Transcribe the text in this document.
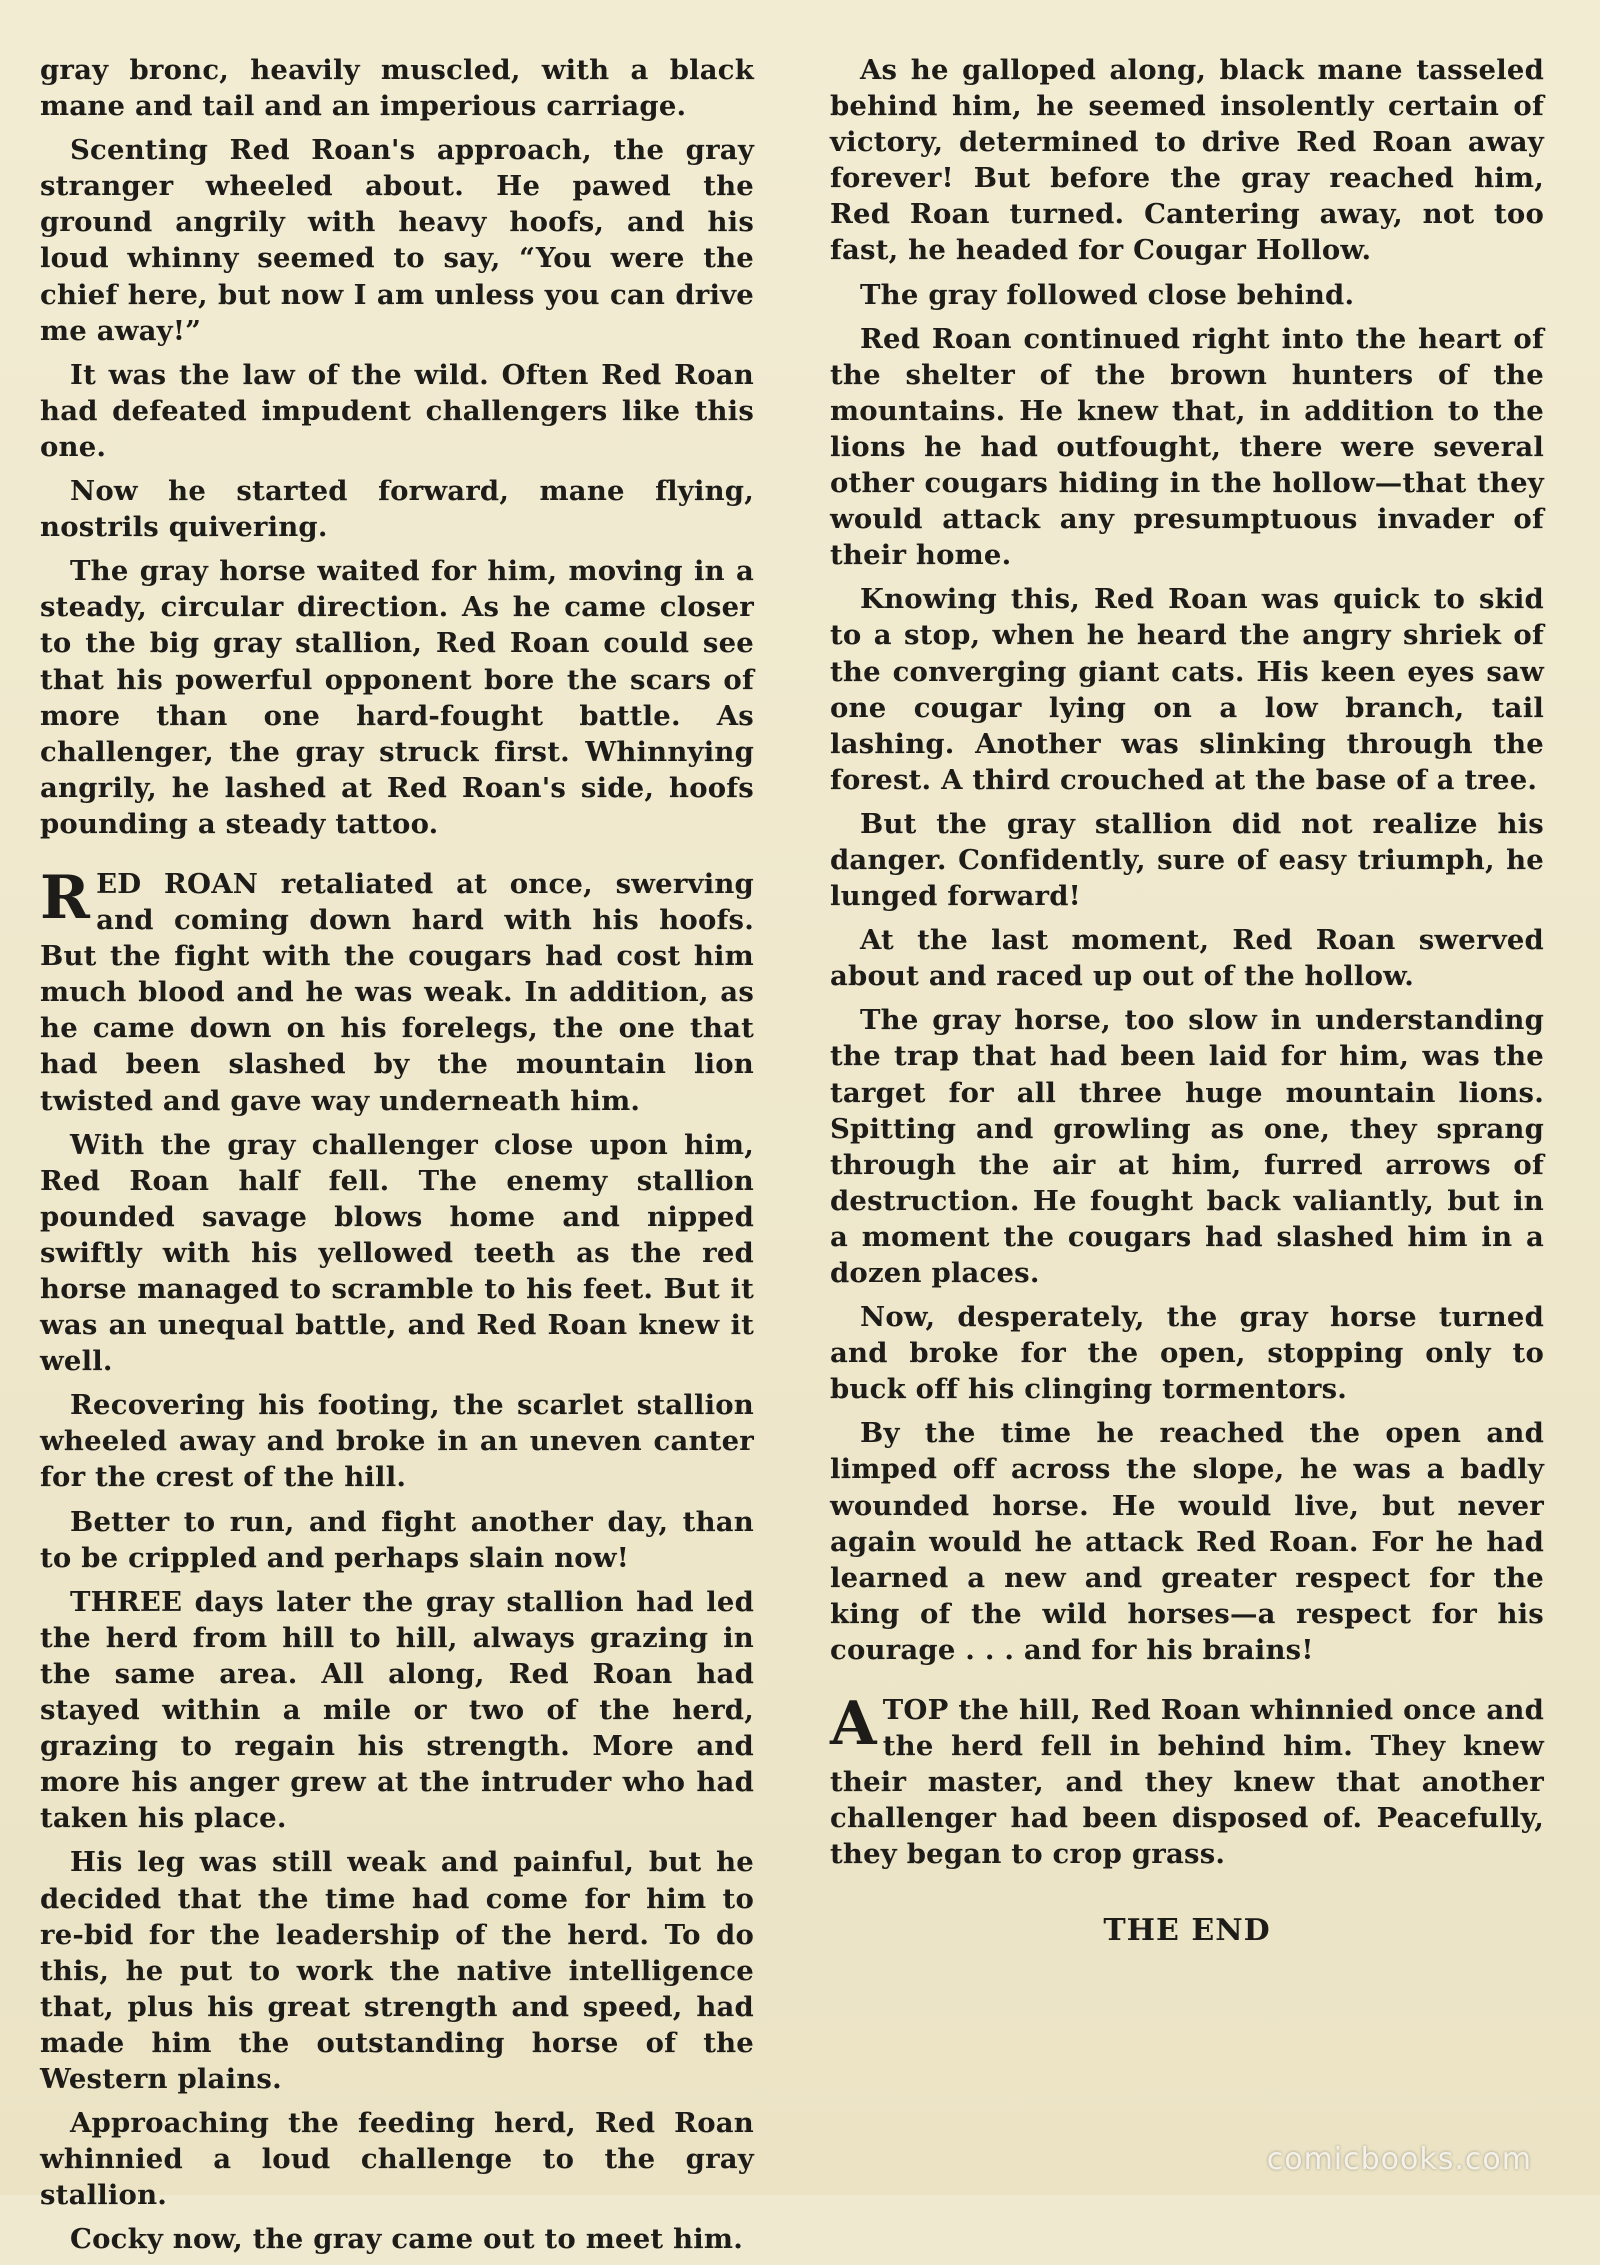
gray bronc, heavily muscled, with a black mane and tail and an imperious carriage.

Scenting Red Roan's approach, the gray stranger wheeled about. He pawed the ground angrily with heavy hoofs, and his loud whinny seemed to say, “You were the chief here, but now I am unless you can drive me away!”

It was the law of the wild. Often Red Roan had defeated impudent challengers like this one.

Now he started forward, mane flying, nostrils quivering.

The gray horse waited for him, moving in a steady, circular direction. As he came closer to the big gray stallion, Red Roan could see that his powerful opponent bore the scars of more than one hard-fought battle. As challenger, the gray struck first. Whinnying angrily, he lashed at Red Roan's side, hoofs pounding a steady tattoo.

RED ROAN retaliated at once, swerving and coming down hard with his hoofs. But the fight with the cougars had cost him much blood and he was weak. In addition, as he came down on his forelegs, the one that had been slashed by the mountain lion twisted and gave way underneath him.

With the gray challenger close upon him, Red Roan half fell. The enemy stallion pounded savage blows home and nipped swiftly with his yellowed teeth as the red horse managed to scramble to his feet. But it was an unequal battle, and Red Roan knew it well.

Recovering his footing, the scarlet stallion wheeled away and broke in an uneven canter for the crest of the hill.

Better to run, and fight another day, than to be crippled and perhaps slain now!

THREE days later the gray stallion had led the herd from hill to hill, always grazing in the same area. All along, Red Roan had stayed within a mile or two of the herd, grazing to regain his strength. More and more his anger grew at the intruder who had taken his place.

His leg was still weak and painful, but he decided that the time had come for him to re-bid for the leadership of the herd. To do this, he put to work the native intelligence that, plus his great strength and speed, had made him the outstanding horse of the Western plains.

Approaching the feeding herd, Red Roan whinnied a loud challenge to the gray stallion.

Cocky now, the gray came out to meet him.

As he galloped along, black mane tasseled behind him, he seemed insolently certain of victory, determined to drive Red Roan away forever! But before the gray reached him, Red Roan turned. Cantering away, not too fast, he headed for Cougar Hollow.

The gray followed close behind.

Red Roan continued right into the heart of the shelter of the brown hunters of the mountains. He knew that, in addition to the lions he had outfought, there were several other cougars hiding in the hollow—that they would attack any presumptuous invader of their home.

Knowing this, Red Roan was quick to skid to a stop, when he heard the angry shriek of the converging giant cats. His keen eyes saw one cougar lying on a low branch, tail lashing. Another was slinking through the forest. A third crouched at the base of a tree.

But the gray stallion did not realize his danger. Confidently, sure of easy triumph, he lunged forward!

At the last moment, Red Roan swerved about and raced up out of the hollow.

The gray horse, too slow in understanding the trap that had been laid for him, was the target for all three huge mountain lions. Spitting and growling as one, they sprang through the air at him, furred arrows of destruction. He fought back valiantly, but in a moment the cougars had slashed him in a dozen places.

Now, desperately, the gray horse turned and broke for the open, stopping only to buck off his clinging tormentors.

By the time he reached the open and limped off across the slope, he was a badly wounded horse. He would live, but never again would he attack Red Roan. For he had learned a new and greater respect for the king of the wild horses—a respect for his courage . . . and for his brains!

ATOP the hill, Red Roan whinnied once and the herd fell in behind him. They knew their master, and they knew that another challenger had been disposed of. Peacefully, they began to crop grass.

THE END
comicbooks.com
